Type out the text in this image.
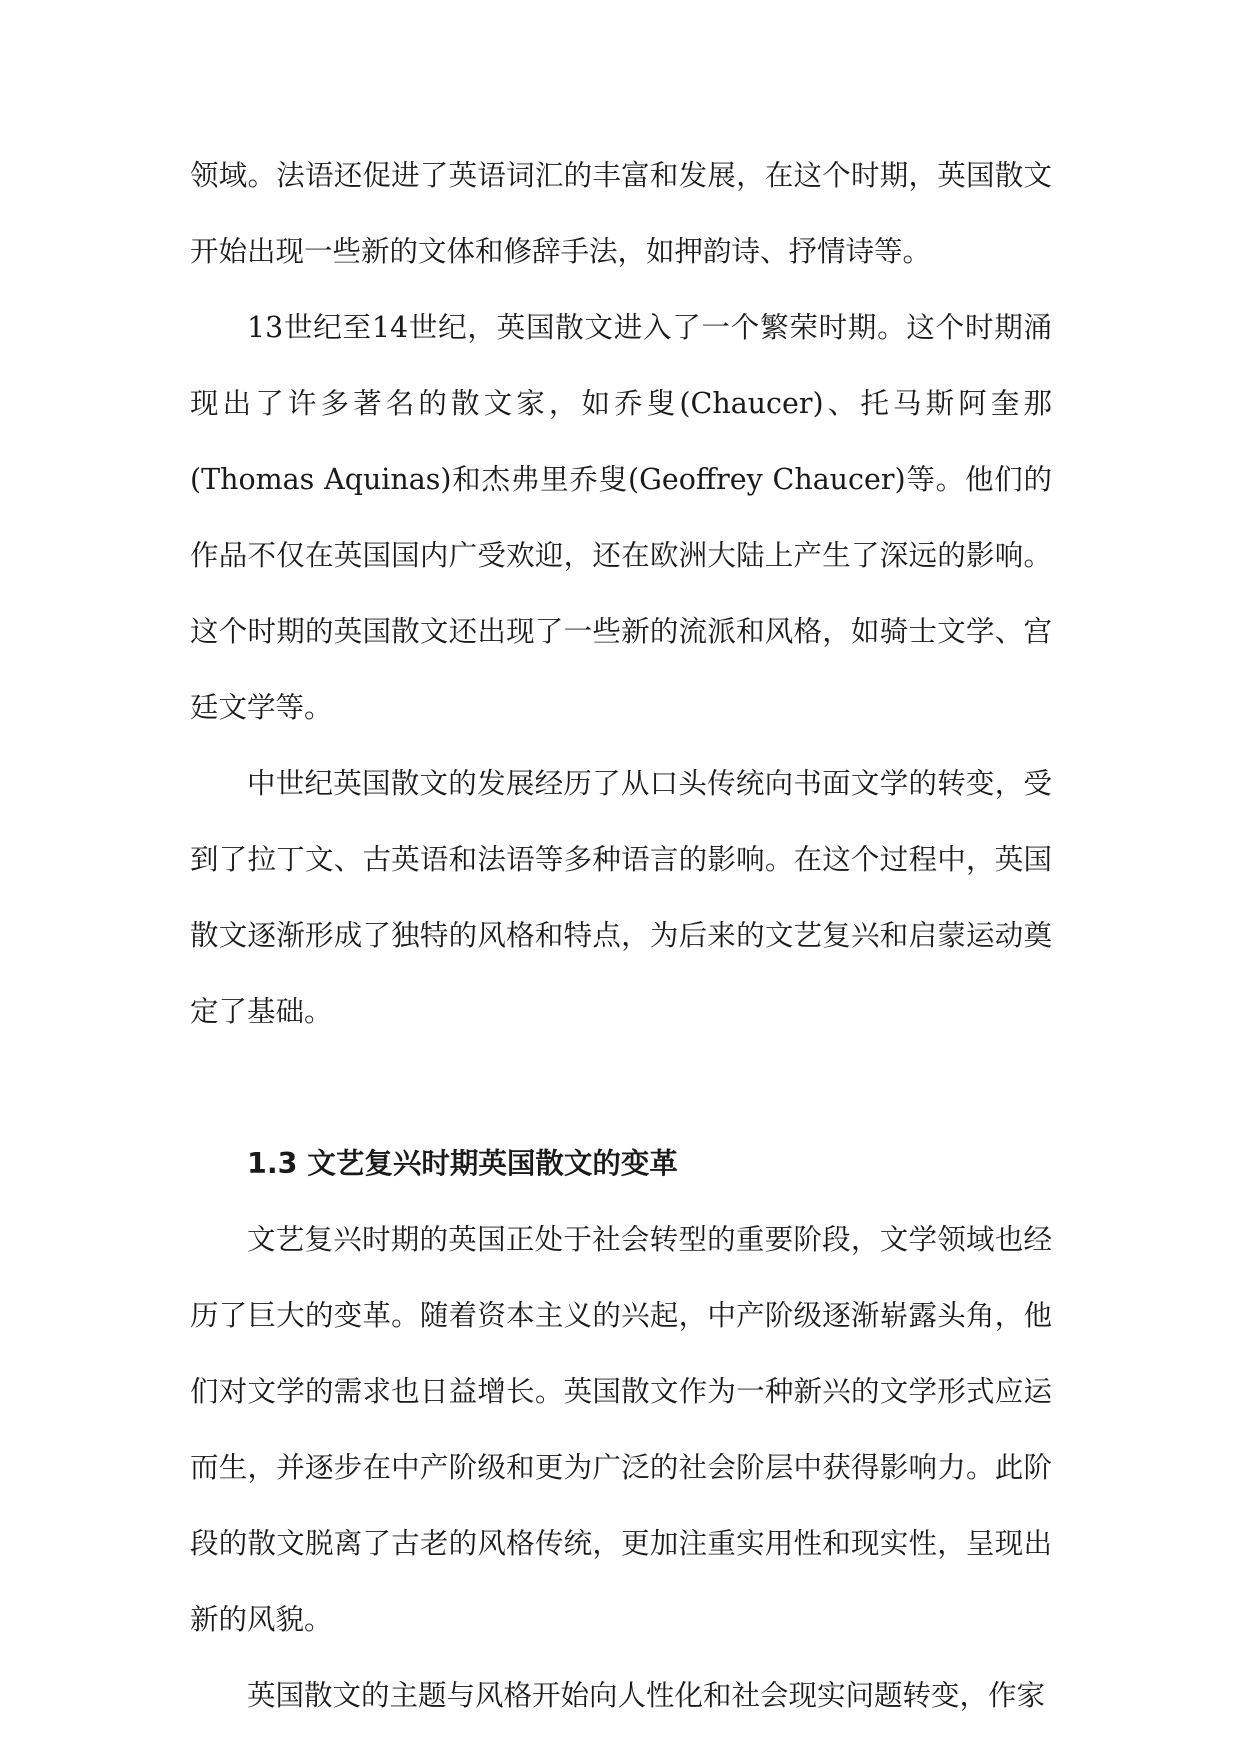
领域。法语还促进了英语词汇的丰富和发展，在这个时期，英国散文开始出现一些新的文体和修辞手法，如押韵诗、抒情诗等。

13世纪至14世纪，英国散文进入了一个繁荣时期。这个时期涌现出了许多著名的散文家，如乔叟(Chaucer)、托马斯阿奎那(Thomas Aquinas)和杰弗里乔叟(Geoffrey Chaucer)等。他们的作品不仅在英国国内广受欢迎，还在欧洲大陆上产生了深远的影响。这个时期的英国散文还出现了一些新的流派和风格，如骑士文学、宫廷文学等。

中世纪英国散文的发展经历了从口头传统向书面文学的转变，受到了拉丁文、古英语和法语等多种语言的影响。在这个过程中，英国散文逐渐形成了独特的风格和特点，为后来的文艺复兴和启蒙运动奠定了基础。

1.3 文艺复兴时期英国散文的变革

文艺复兴时期的英国正处于社会转型的重要阶段，文学领域也经历了巨大的变革。随着资本主义的兴起，中产阶级逐渐崭露头角，他们对文学的需求也日益增长。英国散文作为一种新兴的文学形式应运而生，并逐步在中产阶级和更为广泛的社会阶层中获得影响力。此阶段的散文脱离了古老的风格传统，更加注重实用性和现实性，呈现出新的风貌。

英国散文的主题与风格开始向人性化和社会现实问题转变，作家
